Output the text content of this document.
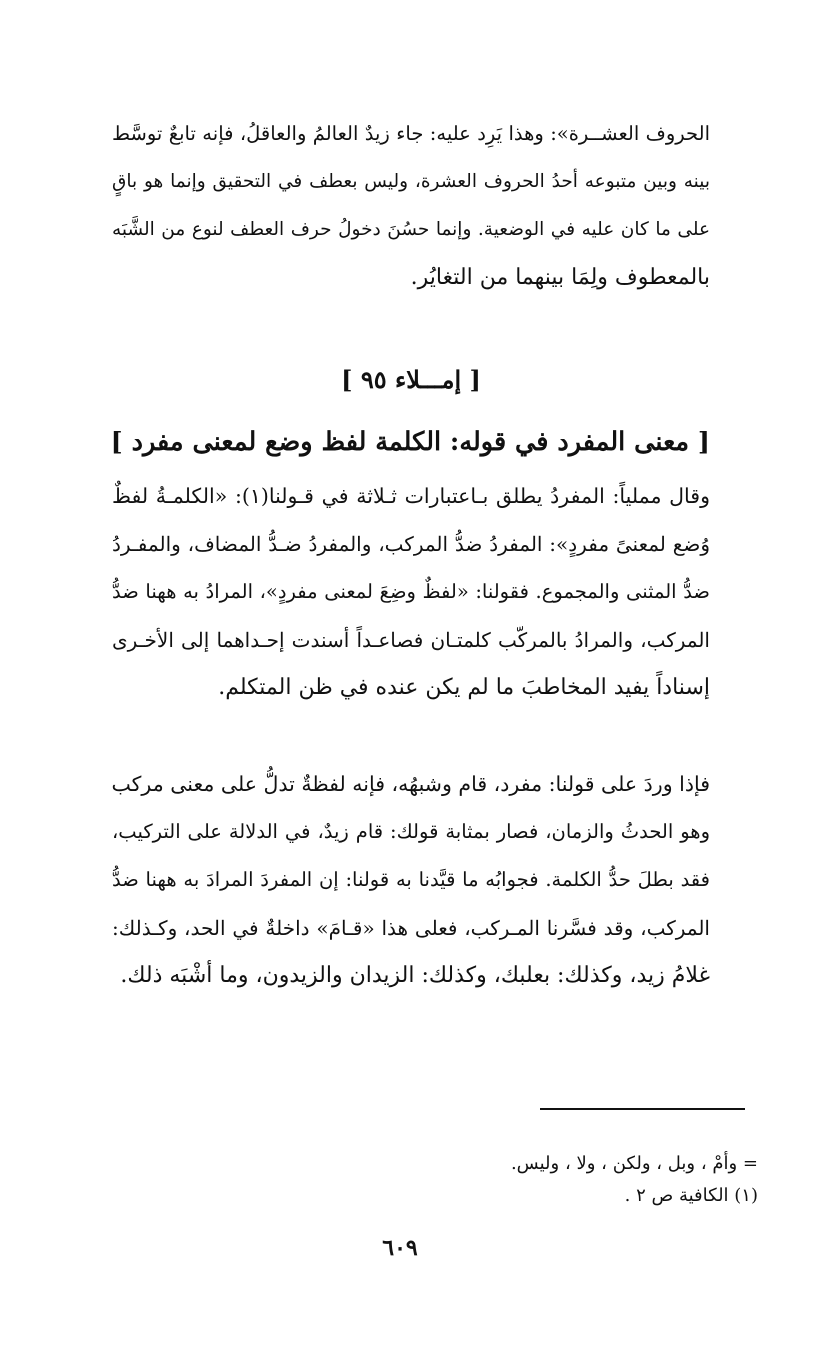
الحروف العشــرة»: وهذا يَرِد عليه: جاء زيدٌ العالمُ والعاقلُ، فإنه تابعٌ توسَّط
بينه وبين متبوعه أحدُ الحروف العشرة، وليس بعطف في التحقيق وإنما هو باقٍ
على ما كان عليه في الوضعية. وإنما حسُنَ دخولُ حرف العطف لنوع من الشَّبَه
بالمعطوف ولِمَا بينهما من التغايُر.
[ إمـــلاء ٩٥ ]
[ معنى المفرد في قوله: الكلمة لفظ وضع لمعنى مفرد ]
وقال مملياً: المفردُ يطلق بـاعتبارات ثـلاثة في قـولنا(١): «الكلمـةُ لفظٌ
وُضع لمعنىً مفردٍ»: المفردُ ضدُّ المركب، والمفردُ ضـدُّ المضاف، والمفـردُ
ضدُّ المثنى والمجموع. فقولنا: «لفظٌ وضِعَ لمعنى مفردٍ»، المرادُ به ههنا ضدُّ
المركب، والمرادُ بالمركّب كلمتـان فصاعـداً أسندت إحـداهما إلى الأخـرى
إسناداً يفيد المخاطبَ ما لم يكن عنده في ظن المتكلم.
فإذا وردَ على قولنا: مفرد، قام وشبهُه، فإنه لفظةٌ تدلُّ على معنى مركب
وهو الحدثُ والزمان، فصار بمثابة قولك: قام زيدٌ، في الدلالة على التركيب،
فقد بطلَ حدُّ الكلمة. فجوابُه ما قيَّدنا به قولنا: إن المفردَ المرادَ به ههنا ضدُّ
المركب، وقد فسَّرنا المـركب، فعلى هذا «قـامَ» داخلةٌ في الحد، وكـذلك:
غلامُ زيد، وكذلك: بعلبك، وكذلك: الزيدان والزيدون، وما أشْبَه ذلك.
= وأمْ ، وبل ، ولكن ، ولا ، وليس.
(١) الكافية ص ٢ .
٦٠٩
